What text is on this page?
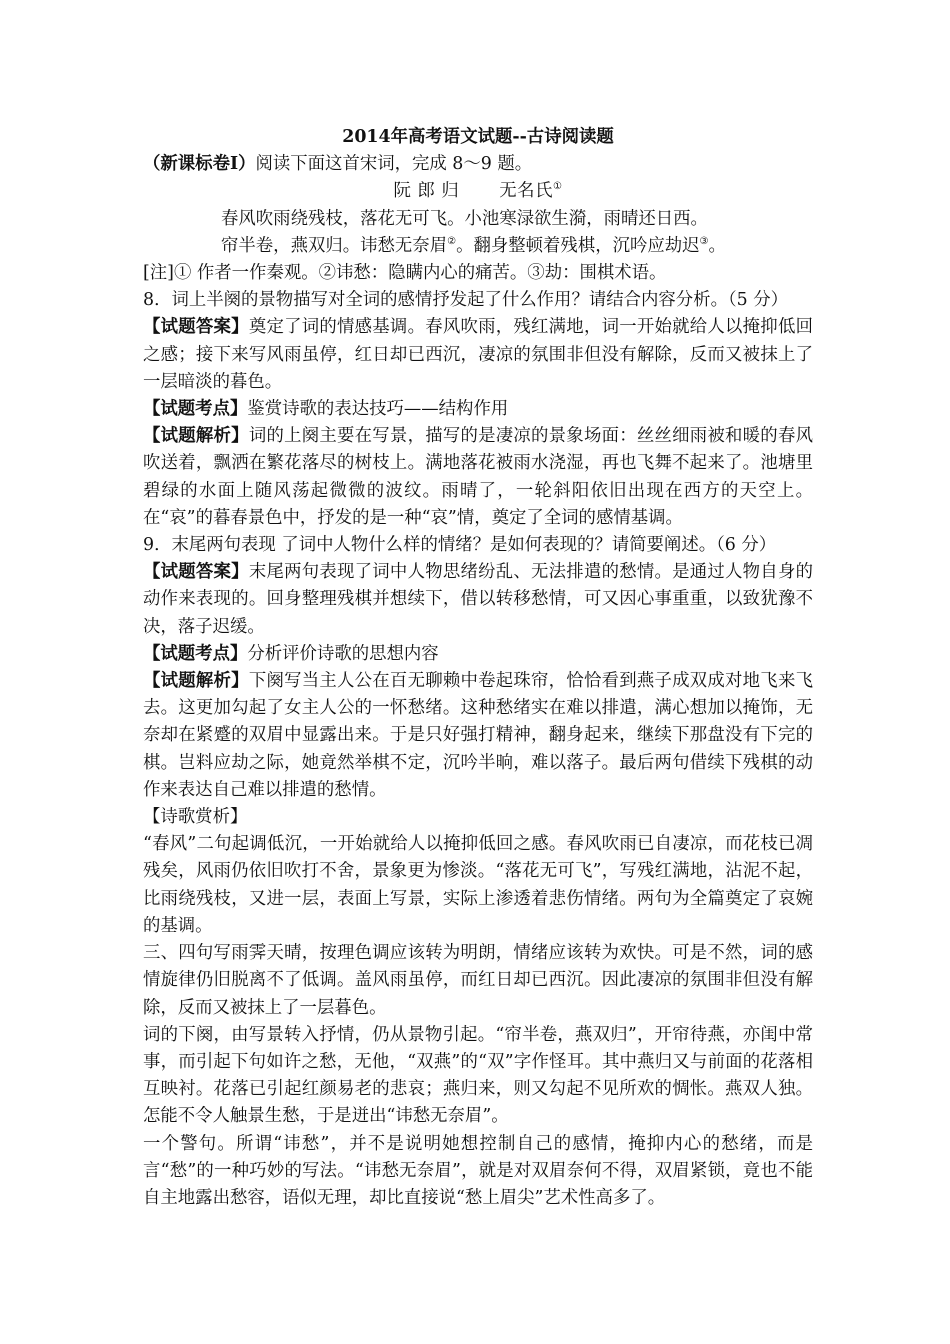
2014年高考语文试题--古诗阅读题
（新课标卷Ⅰ）阅读下面这首宋词，完成 8～9 题。
阮 郎 归 无名氏①
春风吹雨绕残枝，落花无可飞。小池寒渌欲生漪，雨晴还日西。
帘半卷，燕双归。讳愁无奈眉②。翻身整顿着残棋，沉吟应劫迟③。
[注]① 作者一作秦观。②讳愁：隐瞒内心的痛苦。③劫：围棋术语。
8．词上半阕的景物描写对全词的感情抒发起了什么作用？请结合内容分析。（5 分）
【试题答案】奠定了词的情感基调。春风吹雨，残红满地，词一开始就给人以掩抑低回之感；接下来写风雨虽停，红日却已西沉，凄凉的氛围非但没有解除，反而又被抹上了一层暗淡的暮色。
【试题考点】鉴赏诗歌的表达技巧——结构作用
【试题解析】词的上阕主要在写景，描写的是凄凉的景象场面：丝丝细雨被和暖的春风吹送着，飘洒在繁花落尽的树枝上。满地落花被雨水浇湿，再也飞舞不起来了。池塘里碧绿的水面上随风荡起微微的波纹。雨晴了，一轮斜阳依旧出现在西方的天空上。在“哀”的暮春景色中，抒发的是一种“哀”情，奠定了全词的感情基调。
9．末尾两句表现 了词中人物什么样的情绪？是如何表现的？请简要阐述。（6 分）
【试题答案】末尾两句表现了词中人物思绪纷乱、无法排遣的愁情。是通过人物自身的动作来表现的。回身整理残棋并想续下，借以转移愁情，可又因心事重重，以致犹豫不决，落子迟缓。
【试题考点】分析评价诗歌的思想内容
【试题解析】下阕写当主人公在百无聊赖中卷起珠帘，恰恰看到燕子成双成对地飞来飞去。这更加勾起了女主人公的一怀愁绪。这种愁绪实在难以排遣，满心想加以掩饰，无奈却在紧蹙的双眉中显露出来。于是只好强打精神，翻身起来，继续下那盘没有下完的棋。岂料应劫之际，她竟然举棋不定，沉吟半晌，难以落子。最后两句借续下残棋的动作来表达自己难以排遣的愁情。
【诗歌赏析】
“春风”二句起调低沉，一开始就给人以掩抑低回之感。春风吹雨已自凄凉，而花枝已凋残矣，风雨仍依旧吹打不舍，景象更为惨淡。“落花无可飞”，写残红满地，沾泥不起，比雨绕残枝，又进一层，表面上写景，实际上渗透着悲伤情绪。两句为全篇奠定了哀婉的基调。
三、四句写雨霁天晴，按理色调应该转为明朗，情绪应该转为欢快。可是不然，词的感情旋律仍旧脱离不了低调。盖风雨虽停，而红日却已西沉。因此凄凉的氛围非但没有解除，反而又被抹上了一层暮色。
词的下阕，由写景转入抒情，仍从景物引起。“帘半卷，燕双归”，开帘待燕，亦闺中常事，而引起下句如许之愁，无他，“双燕”的“双”字作怪耳。其中燕归又与前面的花落相互映衬。花落已引起红颜易老的悲哀；燕归来，则又勾起不见所欢的惆怅。燕双人独。怎能不令人触景生愁，于是迸出“讳愁无奈眉”。
一个警句。所谓“讳愁”，并不是说明她想控制自己的感情，掩抑内心的愁绪，而是言“愁”的一种巧妙的写法。“讳愁无奈眉”，就是对双眉奈何不得，双眉紧锁，竟也不能自主地露出愁容，语似无理，却比直接说“愁上眉尖”艺术性高多了。
